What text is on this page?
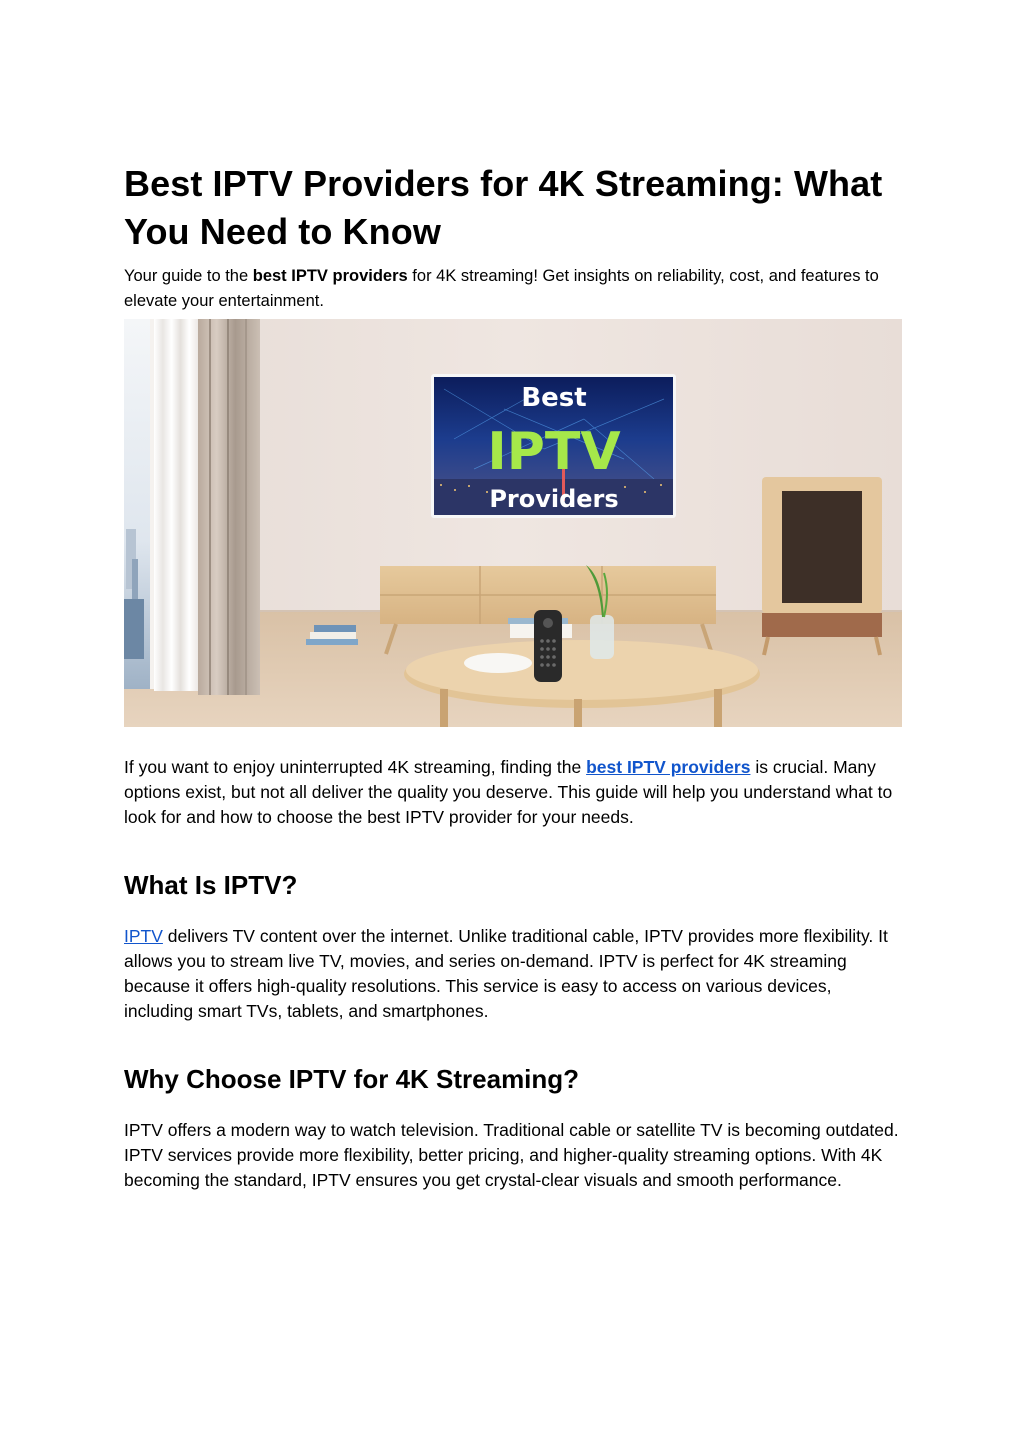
Best IPTV Providers for 4K Streaming: What You Need to Know

Your guide to the best IPTV providers for 4K streaming! Get insights on reliability, cost, and features to elevate your entertainment.

Best
IPTV
Providers

If you want to enjoy uninterrupted 4K streaming, finding the best IPTV providers is crucial. Many options exist, but not all deliver the quality you deserve. This guide will help you understand what to look for and how to choose the best IPTV provider for your needs.

What Is IPTV?

IPTV delivers TV content over the internet. Unlike traditional cable, IPTV provides more flexibility. It allows you to stream live TV, movies, and series on-demand. IPTV is perfect for 4K streaming because it offers high-quality resolutions. This service is easy to access on various devices, including smart TVs, tablets, and smartphones.

Why Choose IPTV for 4K Streaming?

IPTV offers a modern way to watch television. Traditional cable or satellite TV is becoming outdated. IPTV services provide more flexibility, better pricing, and higher-quality streaming options. With 4K becoming the standard, IPTV ensures you get crystal-clear visuals and smooth performance.
